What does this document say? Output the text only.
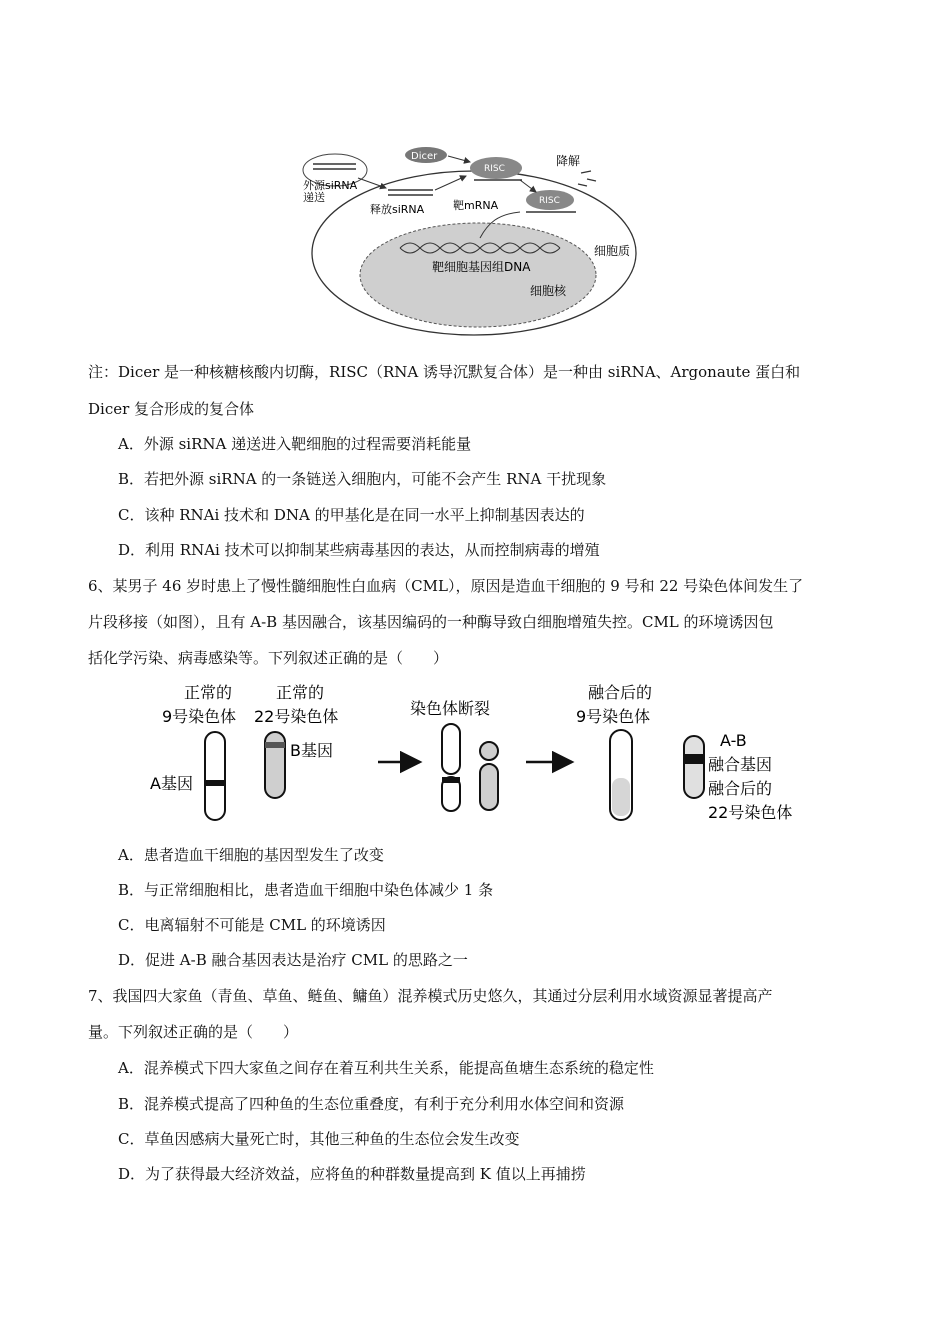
Dicer
RISC
RISC
降解
外源siRNA
递送
释放siRNA	靶mRNA
细胞质
靶细胞基因组DNA
细胞核
注：Dicer 是一种核糖核酸内切酶，RISC（RNA 诱导沉默复合体）是一种由 siRNA、Argonaute 蛋白和
Dicer 复合形成的复合体
A．外源 siRNA 递送进入靶细胞的过程需要消耗能量
B．若把外源 siRNA 的一条链送入细胞内，可能不会产生 RNA 干扰现象
C．该种 RNAi 技术和 DNA 的甲基化是在同一水平上抑制基因表达的
D．利用 RNAi 技术可以抑制某些病毒基因的表达，从而控制病毒的增殖
6、某男子 46 岁时患上了慢性髓细胞性白血病（CML），原因是造血干细胞的 9 号和 22 号染色体间发生了
片段移接（如图），且有 A-B 基因融合，该基因编码的一种酶导致白细胞增殖失控。CML 的环境诱因包
括化学污染、病毒感染等。下列叙述正确的是（　　）
正常的
9号染色体
正常的
22号染色体
A基因
B基因
染色体断裂
融合后的
9号染色体
A-B
融合基因
融合后的
22号染色体
A．患者造血干细胞的基因型发生了改变
B．与正常细胞相比，患者造血干细胞中染色体减少 1 条
C．电离辐射不可能是 CML 的环境诱因
D．促进 A-B 融合基因表达是治疗 CML 的思路之一
7、我国四大家鱼（青鱼、草鱼、鲢鱼、鳙鱼）混养模式历史悠久，其通过分层利用水域资源显著提高产
量。下列叙述正确的是（　　）
A．混养模式下四大家鱼之间存在着互利共生关系，能提高鱼塘生态系统的稳定性
B．混养模式提高了四种鱼的生态位重叠度，有利于充分利用水体空间和资源
C．草鱼因感病大量死亡时，其他三种鱼的生态位会发生改变
D．为了获得最大经济效益，应将鱼的种群数量提高到 K 值以上再捕捞
